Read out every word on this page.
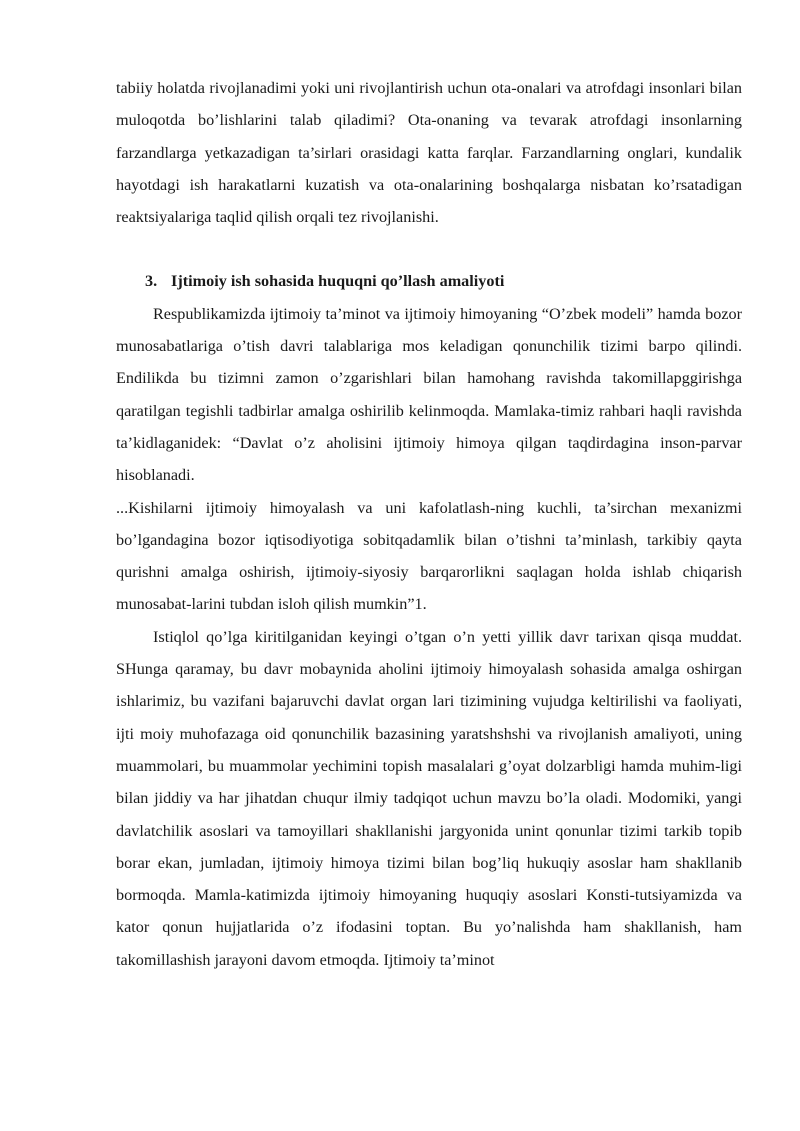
tabiiy holatda rivojlanadimi yoki uni rivojlantirish uchun ota-onalari va atrofdagi insonlari bilan muloqotda bo’lishlarini talab qiladimi? Ota-onaning va tevarak atrofdagi insonlarning farzandlarga yetkazadigan ta’sirlari orasidagi katta farqlar. Farzandlarning onglari, kundalik hayotdagi ish harakatlarni kuzatish va ota-onalarining boshqalarga nisbatan ko’rsatadigan reaktsiyalariga taqlid qilish orqali tez rivojlanishi.

3. Ijtimoiy ish sohasida huquqni qo’llash amaliyoti

Respublikamizda ijtimoiy ta’minot va ijtimoiy himoyaning “O’zbek modeli” hamda bozor munosabatlariga o’tish davri talablariga mos keladigan qonunchilik tizimi barpo qilindi. Endilikda bu tizimni zamon o’zgarishlari bilan hamohang ravishda takomillapggirishga qaratilgan tegishli tadbirlar amalga oshirilib kelinmoqda. Mamlaka-timiz rahbari haqli ravishda ta’kidlaganidek: “Davlat o’z aholisini ijtimoiy himoya qilgan taqdirdagina inson-parvar hisoblanadi.

...Kishilarni ijtimoiy himoyalash va uni kafolatlash-ning kuchli, ta’sirchan mexanizmi bo’lgandagina bozor iqtisodiyotiga sobitqadamlik bilan o’tishni ta’minlash, tarkibiy qayta qurishni amalga oshirish, ijtimoiy-siyosiy barqarorlikni saqlagan holda ishlab chiqarish munosabat-larini tubdan isloh qilish mumkin”1.

Istiqlol qo’lga kiritilganidan keyingi o’tgan o’n yetti yillik davr tarixan qisqa muddat. SHunga qaramay, bu davr mobaynida aholini ijtimoiy himoyalash sohasida amalga oshirgan ishlarimiz, bu vazifani bajaruvchi davlat organ lari tizimining vujudga keltirilishi va faoliyati, ijti moiy muhofazaga oid qonunchilik bazasining yaratshshshi va rivojlanish amaliyoti, uning muammolari, bu muammolar yechimini topish masalalari g’oyat dolzarbligi hamda muhim-ligi bilan jiddiy va har jihatdan chuqur ilmiy tadqiqot uchun mavzu bo’la oladi. Modomiki, yangi davlatchilik asoslari va tamoyillari shakllanishi jargyonida unint qonunlar tizimi tarkib topib borar ekan, jumladan, ijtimoiy himoya tizimi bilan bog’liq hukuqiy asoslar ham shakllanib bormoqda. Mamla-katimizda ijtimoiy himoyaning huquqiy asoslari Konsti-tutsiyamizda va kator qonun hujjatlarida o’z ifodasini toptan. Bu yo’nalishda ham shakllanish, ham takomillashish jarayoni davom etmoqda. Ijtimoiy ta’minot
